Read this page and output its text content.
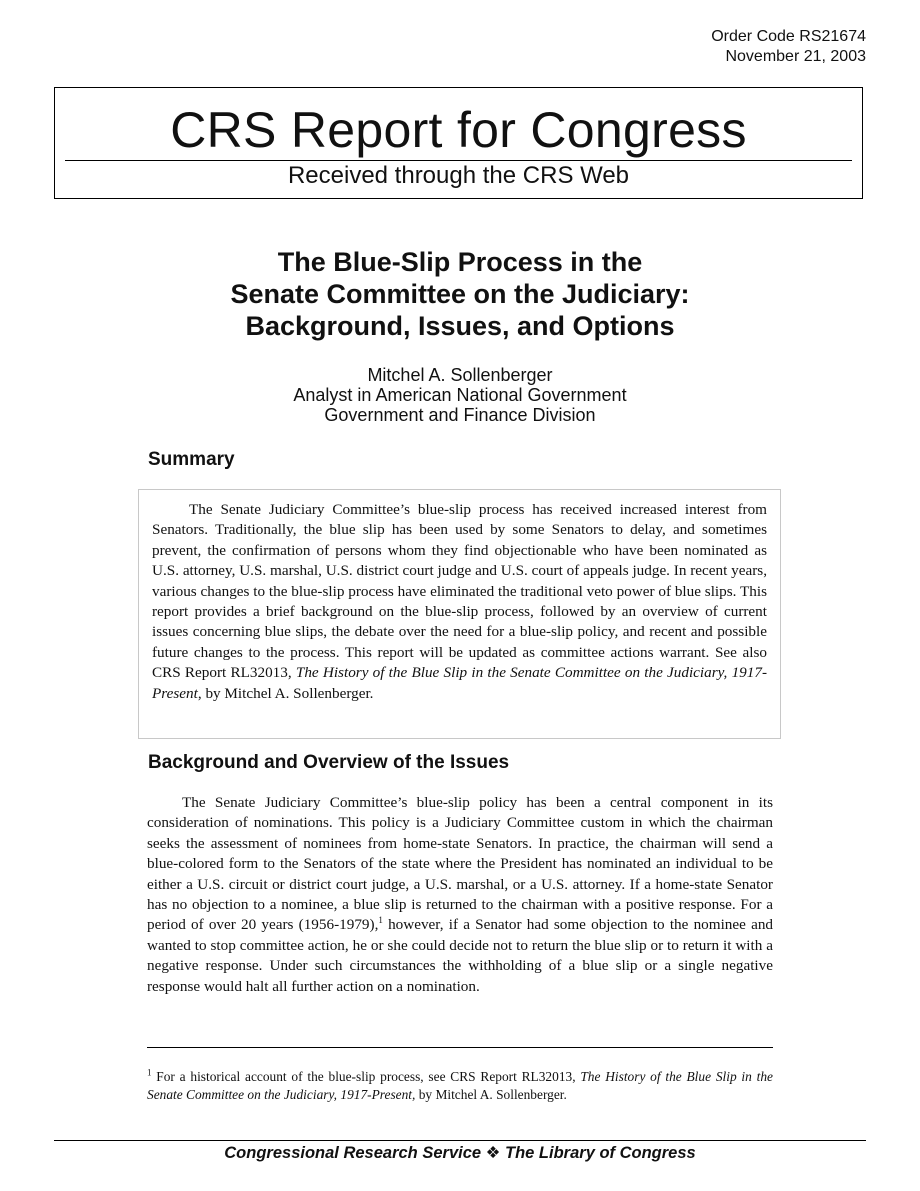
Order Code RS21674
November 21, 2003
CRS Report for Congress
Received through the CRS Web
The Blue-Slip Process in the
Senate Committee on the Judiciary:
Background, Issues, and Options
Mitchel A. Sollenberger
Analyst in American National Government
Government and Finance Division
Summary

The Senate Judiciary Committee’s blue-slip process has received increased interest from Senators. Traditionally, the blue slip has been used by some Senators to delay, and sometimes prevent, the confirmation of persons whom they find objectionable who have been nominated as U.S. attorney, U.S. marshal, U.S. district court judge and U.S. court of appeals judge. In recent years, various changes to the blue-slip process have eliminated the traditional veto power of blue slips. This report provides a brief background on the blue-slip process, followed by an overview of current issues concerning blue slips, the debate over the need for a blue-slip policy, and recent and possible future changes to the process. This report will be updated as committee actions warrant. See also CRS Report RL32013, The History of the Blue Slip in the Senate Committee on the Judiciary, 1917-Present, by Mitchel A. Sollenberger.

Background and Overview of the Issues

The Senate Judiciary Committee’s blue-slip policy has been a central component in its consideration of nominations. This policy is a Judiciary Committee custom in which the chairman seeks the assessment of nominees from home-state Senators. In practice, the chairman will send a blue-colored form to the Senators of the state where the President has nominated an individual to be either a U.S. circuit or district court judge, a U.S. marshal, or a U.S. attorney. If a home-state Senator has no objection to a nominee, a blue slip is returned to the chairman with a positive response. For a period of over 20 years (1956-1979),$^1$ however, if a Senator had some objection to the nominee and wanted to stop committee action, he or she could decide not to return the blue slip or to return it with a negative response. Under such circumstances the withholding of a blue slip or a single negative response would halt all further action on a nomination.

$^1$ For a historical account of the blue-slip process, see CRS Report RL32013, The History of the Blue Slip in the Senate Committee on the Judiciary, 1917-Present, by Mitchel A. Sollenberger.

Congressional Research Service ❖ The Library of Congress
